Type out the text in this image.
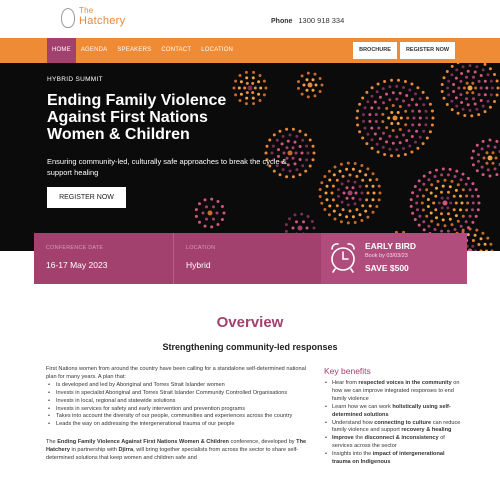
The
Hatchery	Phone 1300 918 334
HOME	AGENDA	SPEAKERS	CONTACT	LOCATION	BROCHURE	REGISTER NOW
HYBRID SUMMIT
Ending Family Violence Against First Nations Women & Children
Ensuring community-led, culturally safe approaches to break the cycle & support healing
REGISTER NOW
CONFERENCE DATE
16-17 May 2023
LOCATION
Hybrid
EARLY BIRD
Book by 03/03/23
SAVE $500
Overview
Strengthening community-led responses

First Nations women from around the country have been calling for a standalone self-determined national plan for many years. A plan that:

• Is developed and led by Aboriginal and Torres Strait Islander women
• Invests in specialist Aboriginal and Torres Strait Islander Community Controlled Organisations
• Invests in local, regional and statewide solutions
• Invests in services for safety and early intervention and prevention programs
• Takes into account the diversity of our people, communities and experiences across the country
• Leads the way on addressing the intergenerational trauma of our people

The Ending Family Violence Against First Nations Women & Children conference, developed by The Hatchery in partnership with Djirra, will bring together specialists from across the sector to share self-determined solutions that keep women and children safe and

Key benefits
• Hear from respected voices in the community on how we can improve integrated responses to end family violence
• Learn how we can work holistically using self-determined solutions
• Understand how connecting to culture can reduce family violence and support recovery & healing
• Improve the disconnect & inconsistency of services across the sector
• Insights into the impact of intergenerational trauma on Indigenous
